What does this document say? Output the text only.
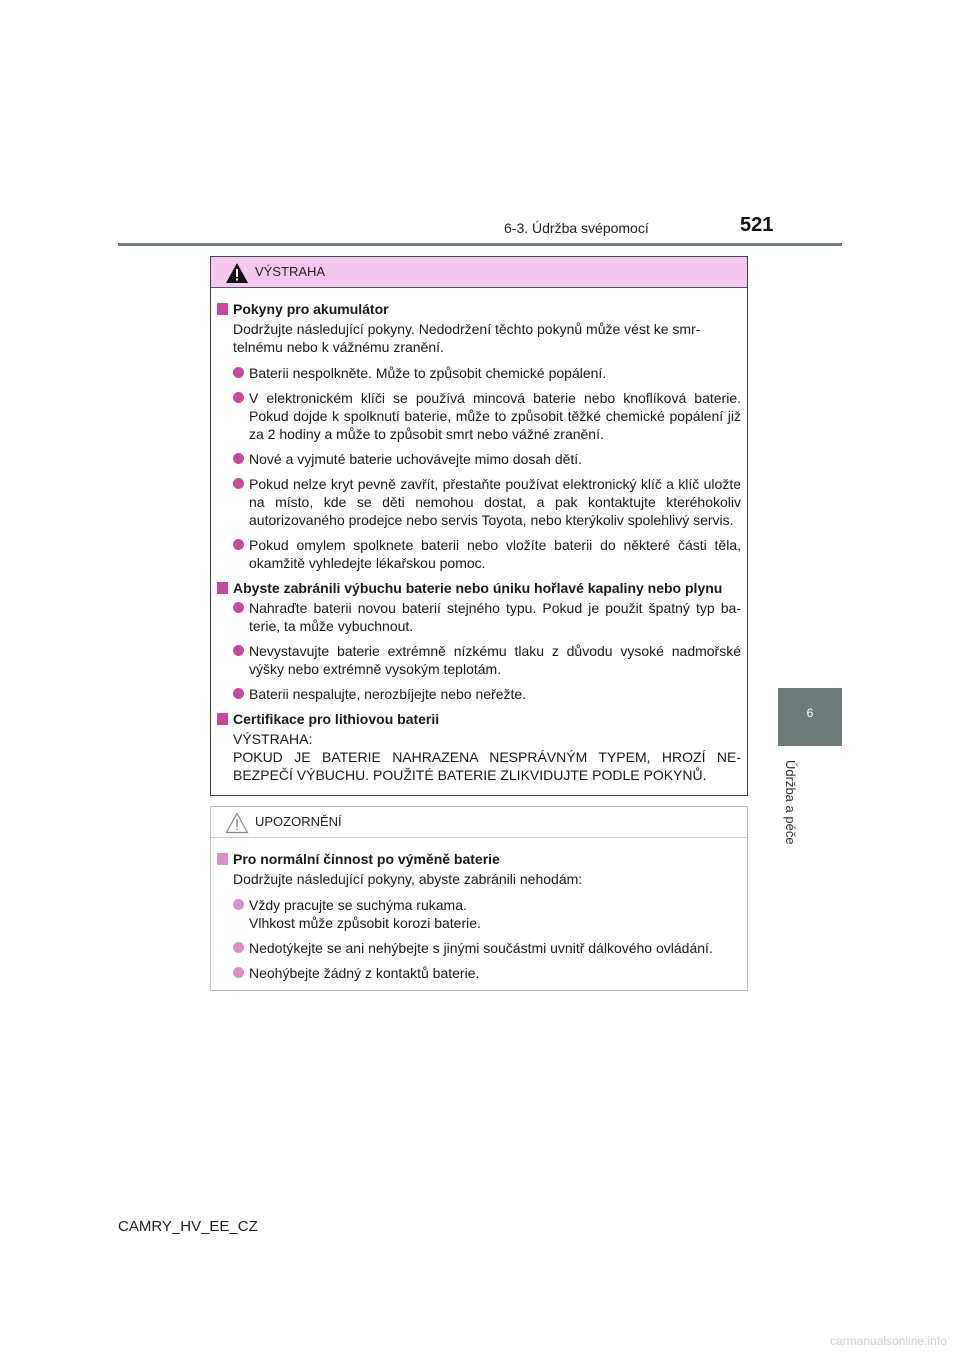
6-3. Údržba svépomocí	521
6
Údržba a péče
VÝSTRAHA
Pokyny pro akumulátor

Dodržujte následující pokyny. Nedodržení těchto pokynů může vést ke smr-telnému nebo k vážnému zranění.

Baterii nespolkněte. Může to způsobit chemické popálení.
V elektronickém klíči se používá mincová baterie nebo knoflíková baterie. Pokud dojde k spolknutí baterie, může to způsobit těžké chemické popálení již za 2 hodiny a může to způsobit smrt nebo vážné zranění.
Nové a vyjmuté baterie uchovávejte mimo dosah dětí.
Pokud nelze kryt pevně zavřít, přestaňte používat elektronický klíč a klíč uložte na místo, kde se děti nemohou dostat, a pak kontaktujte kteréhokoliv autorizovaného prodejce nebo servis Toyota, nebo kterýkoliv spolehlivý servis.
Pokud omylem spolknete baterii nebo vložíte baterii do některé části těla, okamžitě vyhledejte lékařskou pomoc.
Abyste zabránili výbuchu baterie nebo úniku hořlavé kapaliny nebo plynu
Nahraďte baterii novou baterií stejného typu. Pokud je použit špatný typ ba-terie, ta může vybuchnout.
Nevystavujte baterie extrémně nízkému tlaku z důvodu vysoké nadmořské výšky nebo extrémně vysokým teplotám.
Baterii nespalujte, nerozbíjejte nebo neřežte.
Certifikace pro lithiovou baterii

VÝSTRAHA:

POKUD JE BATERIE NAHRAZENA NESPRÁVNÝM TYPEM, HROZÍ NE-BEZPEČÍ VÝBUCHU. POUŽITÉ BATERIE ZLIKVIDUJTE PODLE POKYNŮ.

UPOZORNĚNÍ
Pro normální činnost po výměně baterie

Dodržujte následující pokyny, abyste zabránili nehodám:

Vždy pracujte se suchýma rukama.
Vlhkost může způsobit korozi baterie.
Nedotýkejte se ani nehýbejte s jinými součástmi uvnitř dálkového ovládání.
Neohýbejte žádný z kontaktů baterie.
CAMRY_HV_EE_CZ
carmanualsonline.info
